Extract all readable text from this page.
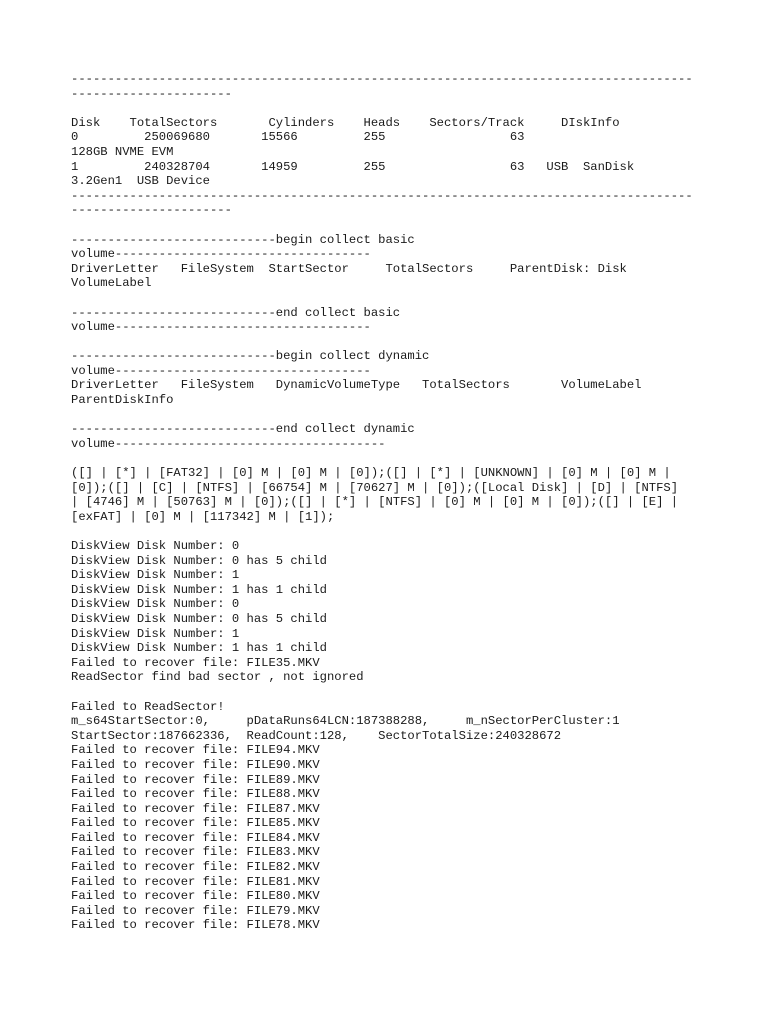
-------------------------------------------------------------------------------------
----------------------
Disk    TotalSectors       Cylinders    Heads    Sectors/Track     DIskInfo
0         250069680       15566         255                 63
128GB NVME EVM
1         240328704       14959         255                 63   USB  SanDisk
3.2Gen1  USB Device
-------------------------------------------------------------------------------------
----------------------
----------------------------begin collect basic
volume-----------------------------------
DriverLetter   FileSystem  StartSector     TotalSectors     ParentDisk: Disk
VolumeLabel
----------------------------end collect basic
volume-----------------------------------
----------------------------begin collect dynamic
volume-----------------------------------
DriverLetter   FileSystem   DynamicVolumeType   TotalSectors       VolumeLabel
ParentDiskInfo
----------------------------end collect dynamic
volume-------------------------------------
([] | [*] | [FAT32] | [0] M | [0] M | [0]);([] | [*] | [UNKNOWN] | [0] M | [0] M |
[0]);([] | [C] | [NTFS] | [66754] M | [70627] M | [0]);([Local Disk] | [D] | [NTFS]
| [4746] M | [50763] M | [0]);([] | [*] | [NTFS] | [0] M | [0] M | [0]);([] | [E] |
[exFAT] | [0] M | [117342] M | [1]);
DiskView Disk Number: 0
DiskView Disk Number: 0 has 5 child
DiskView Disk Number: 1
DiskView Disk Number: 1 has 1 child
DiskView Disk Number: 0
DiskView Disk Number: 0 has 5 child
DiskView Disk Number: 1
DiskView Disk Number: 1 has 1 child
Failed to recover file: FILE35.MKV
ReadSector find bad sector , not ignored
Failed to ReadSector!
m_s64StartSector:0,     pDataRuns64LCN:187388288,     m_nSectorPerCluster:1
StartSector:187662336,  ReadCount:128,    SectorTotalSize:240328672
Failed to recover file: FILE94.MKV
Failed to recover file: FILE90.MKV
Failed to recover file: FILE89.MKV
Failed to recover file: FILE88.MKV
Failed to recover file: FILE87.MKV
Failed to recover file: FILE85.MKV
Failed to recover file: FILE84.MKV
Failed to recover file: FILE83.MKV
Failed to recover file: FILE82.MKV
Failed to recover file: FILE81.MKV
Failed to recover file: FILE80.MKV
Failed to recover file: FILE79.MKV
Failed to recover file: FILE78.MKV
